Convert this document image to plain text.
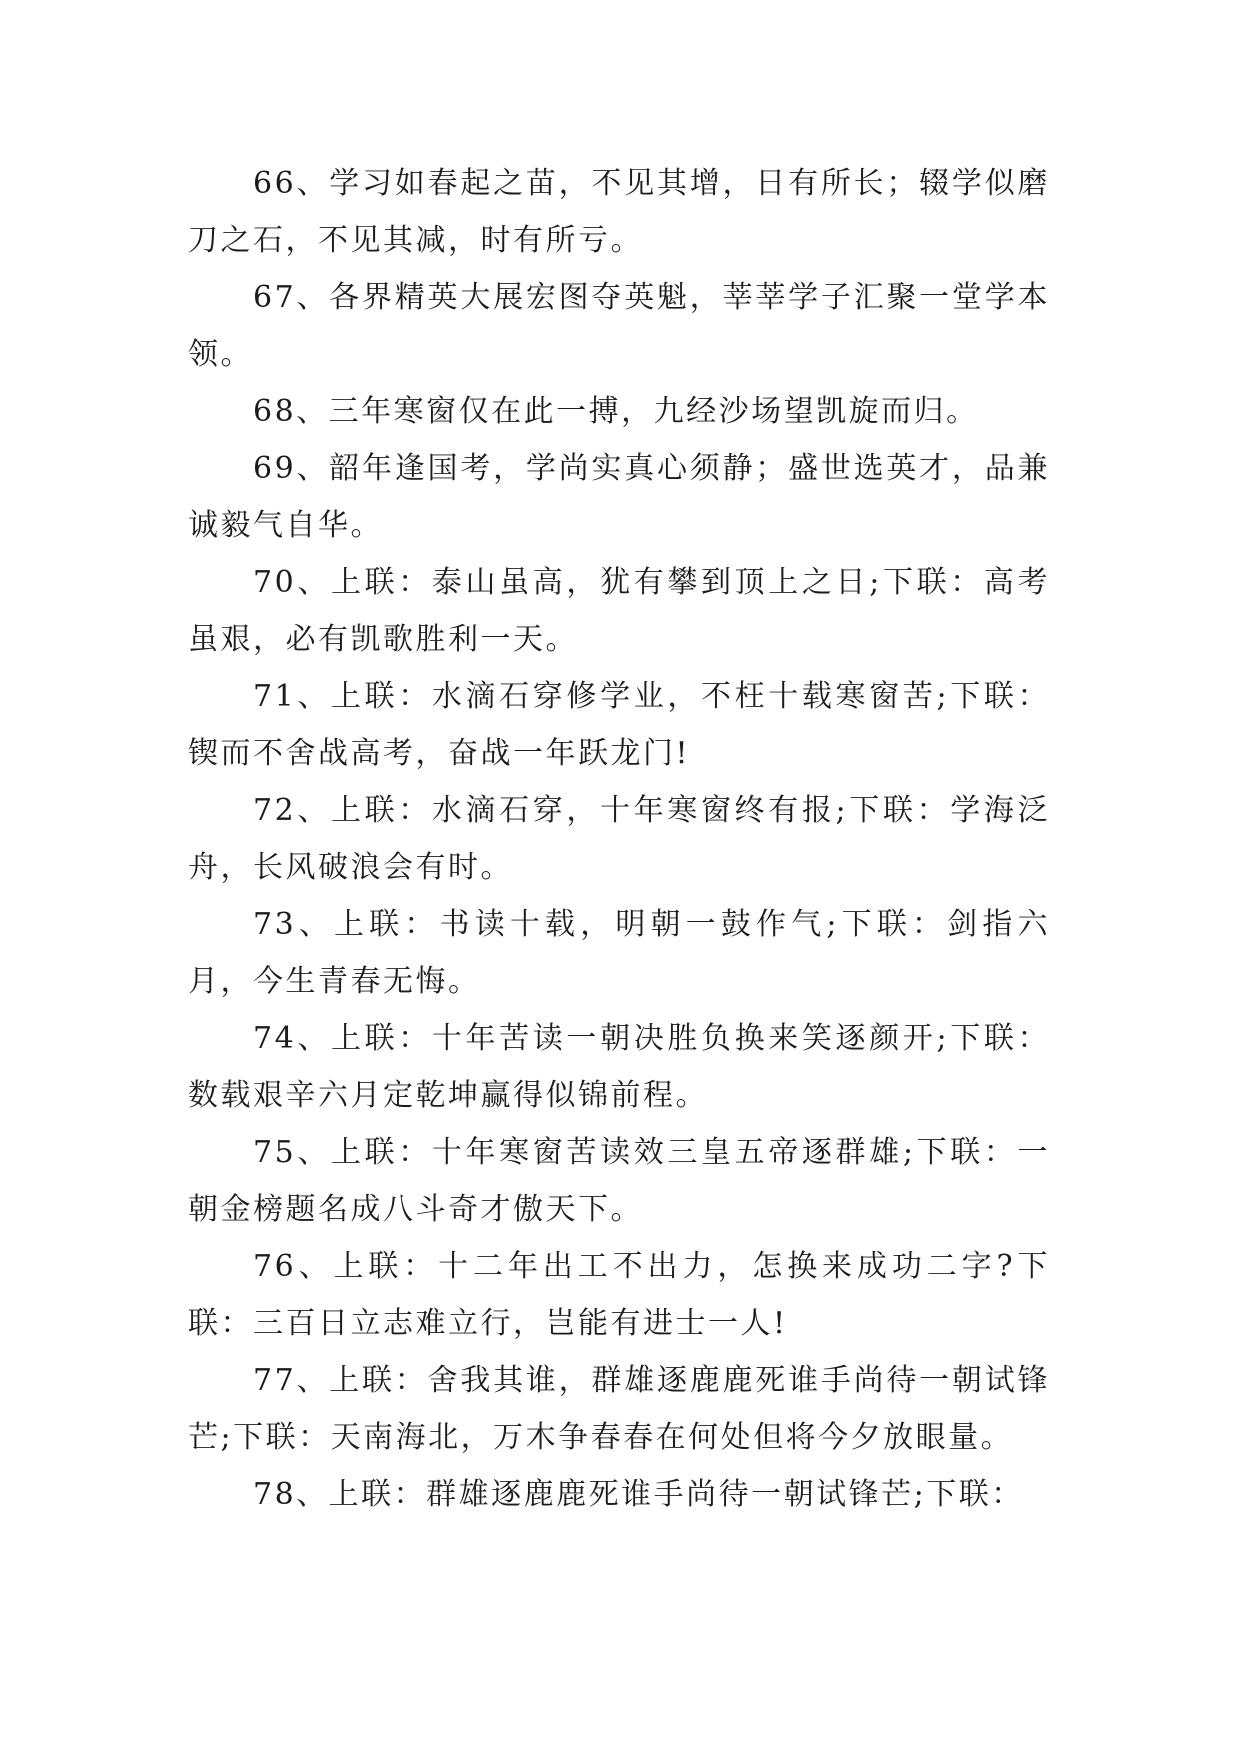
66、学习如春起之苗，不见其增，日有所长；辍学似磨刀之石，不见其减，时有所亏。

67、各界精英大展宏图夺英魁，莘莘学子汇聚一堂学本领。

68、三年寒窗仅在此一搏，九经沙场望凯旋而归。

69、韶年逢国考，学尚实真心须静；盛世选英才，品兼诚毅气自华。

70、上联：泰山虽高，犹有攀到顶上之日;下联：高考虽艰，必有凯歌胜利一天。

71、上联：水滴石穿修学业，不枉十载寒窗苦;下联：锲而不舍战高考，奋战一年跃龙门!

72、上联：水滴石穿，十年寒窗终有报;下联：学海泛舟，长风破浪会有时。

73、上联：书读十载，明朝一鼓作气;下联：剑指六月，今生青春无悔。

74、上联：十年苦读一朝决胜负换来笑逐颜开;下联：数载艰辛六月定乾坤赢得似锦前程。

75、上联：十年寒窗苦读效三皇五帝逐群雄;下联：一朝金榜题名成八斗奇才傲天下。

76、上联：十二年出工不出力，怎换来成功二字?下联：三百日立志难立行，岂能有进士一人!

77、上联：舍我其谁，群雄逐鹿鹿死谁手尚待一朝试锋芒;下联：天南海北，万木争春春在何处但将今夕放眼量。

78、上联：群雄逐鹿鹿死谁手尚待一朝试锋芒;下联：
